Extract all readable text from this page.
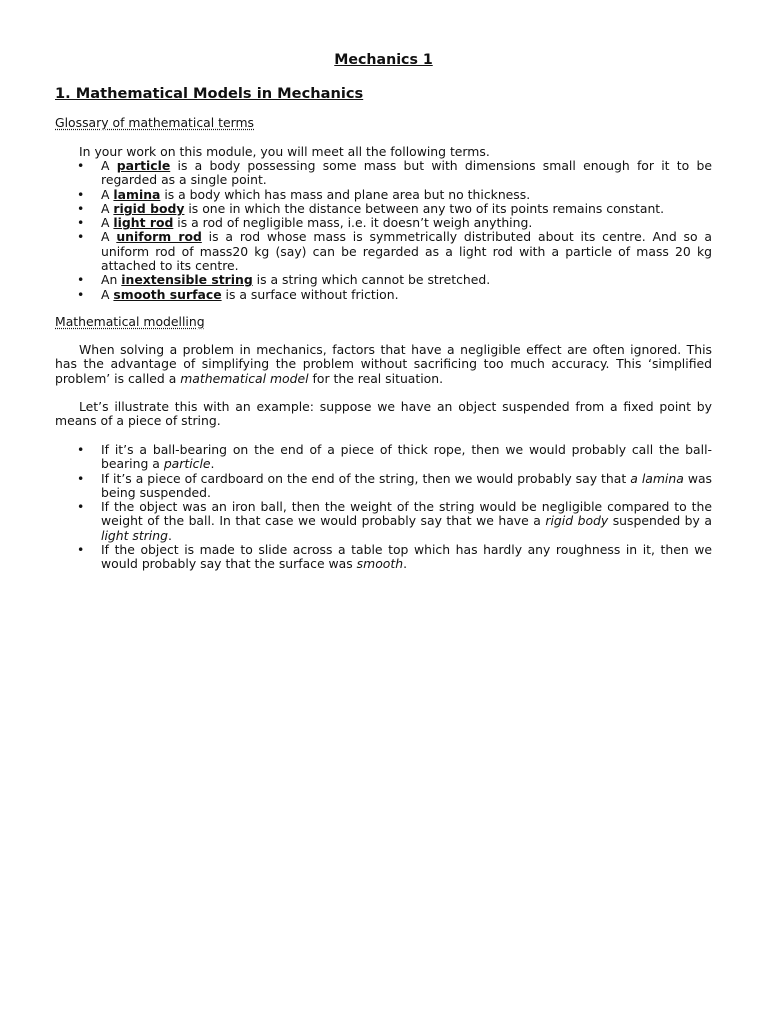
Mechanics 1
1. Mathematical Models in Mechanics
Glossary of mathematical terms

In your work on this module, you will meet all the following terms.

• A particle is a body possessing some mass but with dimensions small enough for it to be regarded as a single point.
• A lamina is a body which has mass and plane area but no thickness.
• A rigid body is one in which the distance between any two of its points remains constant.
• A light rod is a rod of negligible mass, i.e. it doesn’t weigh anything.
• A uniform rod is a rod whose mass is symmetrically distributed about its centre. And so a uniform rod of mass20 kg (say) can be regarded as a light rod with a particle of mass 20 kg attached to its centre.
• An inextensible string is a string which cannot be stretched.
• A smooth surface is a surface without friction.
Mathematical modelling

When solving a problem in mechanics, factors that have a negligible effect are often ignored. This has the advantage of simplifying the problem without sacrificing too much accuracy. This ‘simplified problem’ is called a mathematical model for the real situation.

Let’s illustrate this with an example: suppose we have an object suspended from a fixed point by means of a piece of string.

• If it’s a ball-bearing on the end of a piece of thick rope, then we would probably call the ball-bearing a particle.
• If it’s a piece of cardboard on the end of the string, then we would probably say that a lamina was being suspended.
• If the object was an iron ball, then the weight of the string would be negligible compared to the weight of the ball. In that case we would probably say that we have a rigid body suspended by a light string.
• If the object is made to slide across a table top which has hardly any roughness in it, then we would probably say that the surface was smooth.
